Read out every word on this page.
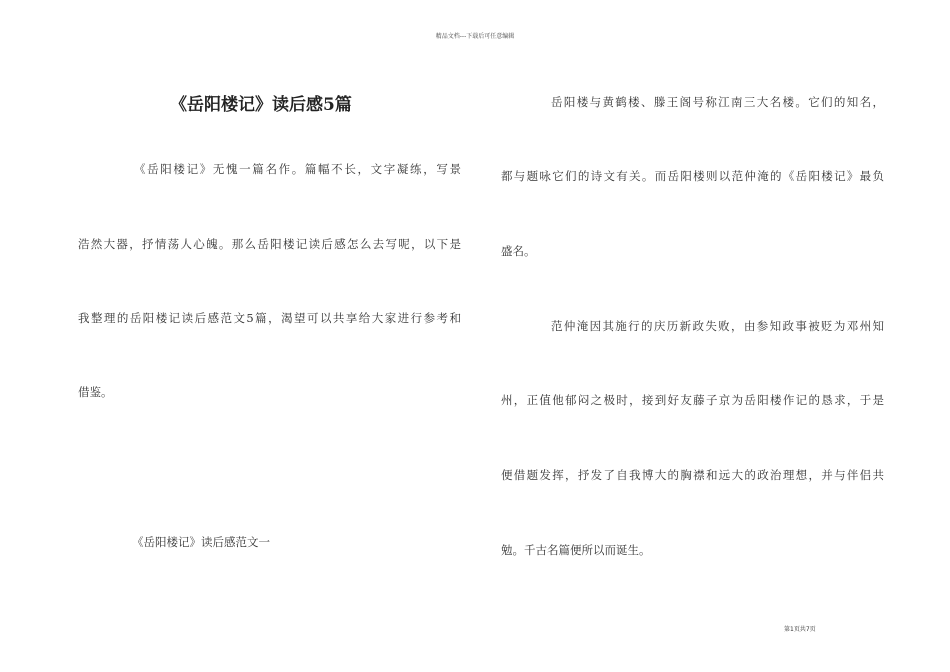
精品文档---下载后可任意编辑
《岳阳楼记》读后感5篇
《岳阳楼记》无愧一篇名作。篇幅不长，文字凝练，写景
浩然大器，抒情荡人心魄。那么岳阳楼记读后感怎么去写呢，以下是
我整理的岳阳楼记读后感范文5篇，渴望可以共享给大家进行参考和
借鉴。
《岳阳楼记》读后感范文一
岳阳楼与黄鹤楼、滕王阁号称江南三大名楼。它们的知名，
都与题咏它们的诗文有关。而岳阳楼则以范仲淹的《岳阳楼记》最负
盛名。
范仲淹因其施行的庆历新政失败，由参知政事被贬为邓州知
州，正值他郁闷之极时，接到好友藤子京为岳阳楼作记的恳求，于是
便借题发挥，抒发了自我博大的胸襟和远大的政治理想，并与伴侣共
勉。千古名篇便所以而诞生。
第1页共7页
